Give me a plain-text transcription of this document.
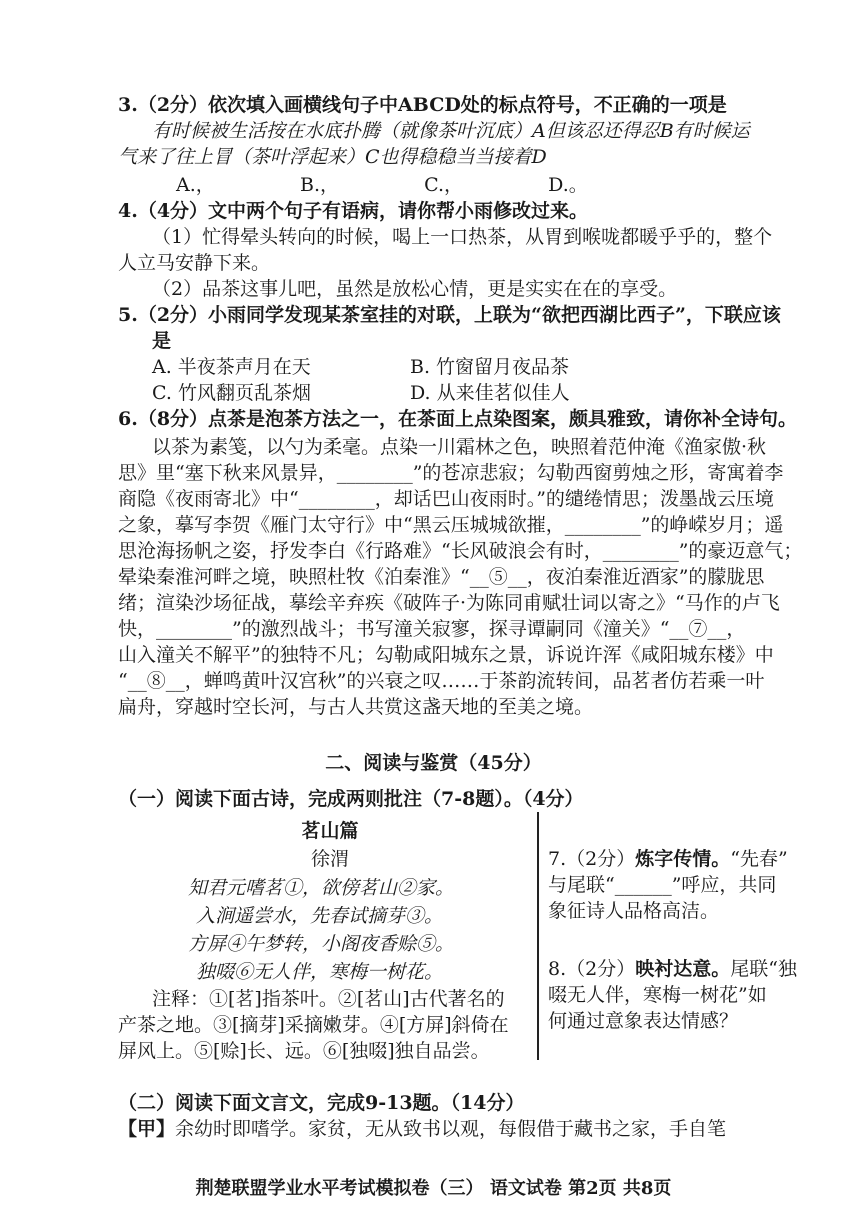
3.（2分）依次填入画横线句子中ABCD处的标点符号，不正确的一项是
有时候被生活按在水底扑腾（就像茶叶沉底）A但该忍还得忍B有时候运
气来了往上冒（茶叶浮起来）C也得稳稳当当接着D
A.，	B.，	C.，	D.。
4.（4分）文中两个句子有语病，请你帮小雨修改过来。
（1）忙得晕头转向的时候，喝上一口热茶，从胃到喉咙都暖乎乎的，整个
人立马安静下来。
（2）品茶这事儿吧，虽然是放松心情，更是实实在在的享受。
5.（2分）小雨同学发现某茶室挂的对联，上联为“欲把西湖比西子”，下联应该
是
A. 半夜茶声月在天	B. 竹窗留月夜品茶
C. 竹风翻页乱茶烟	D. 从来佳茗似佳人
6.（8分）点茶是泡茶方法之一，在茶面上点染图案，颇具雅致，请你补全诗句。
以茶为素笺，以勺为柔毫。点染一川霜林之色，映照着范仲淹《渔家傲·秋
思》里“塞下秋来风景异，________”的苍凉悲寂；勾勒西窗剪烛之形，寄寓着李
商隐《夜雨寄北》中“________，却话巴山夜雨时。”的缱绻情思；泼墨战云压境
之象，摹写李贺《雁门太守行》中“黑云压城城欲摧，________”的峥嵘岁月；遥
思沧海扬帆之姿，抒发李白《行路难》“长风破浪会有时，________”的豪迈意气；
晕染秦淮河畔之境，映照杜牧《泊秦淮》“__⑤__，夜泊秦淮近酒家”的朦胧思
绪；渲染沙场征战，摹绘辛弃疾《破阵子·为陈同甫赋壮词以寄之》“马作的卢飞
快，________”的激烈战斗；书写潼关寂寥，探寻谭嗣同《潼关》“__⑦__，
山入潼关不解平”的独特不凡；勾勒咸阳城东之景，诉说许浑《咸阳城东楼》中
“__⑧__，蝉鸣黄叶汉宫秋”的兴衰之叹……于茶韵流转间，品茗者仿若乘一叶
扁舟，穿越时空长河，与古人共赏这盏天地的至美之境。
二、阅读与鉴赏（45分）
（一）阅读下面古诗，完成两则批注（7-8题）。（4分）
茗山篇
徐渭
知君元嗜茗①，欲傍茗山②家。
入涧遥尝水，先春试摘芽③。
方屏④午梦转，小阁夜香赊⑤。
独啜⑥无人伴，寒梅一树花。
注释：①[茗]指茶叶。②[茗山]古代著名的
产茶之地。③[摘芽]采摘嫩芽。④[方屏]斜倚在
屏风上。⑤[赊]长、远。⑥[独啜]独自品尝。
7.（2分）炼字传情。“先春”
与尾联“______”呼应，共同
象征诗人品格高洁。
8.（2分）映衬达意。尾联“独
啜无人伴，寒梅一树花”如
何通过意象表达情感？
（二）阅读下面文言文，完成9-13题。（14分）
【甲】余幼时即嗜学。家贫，无从致书以观，每假借于藏书之家，手自笔
荆楚联盟学业水平考试模拟卷（三） 语文试卷 第2页 共8页
